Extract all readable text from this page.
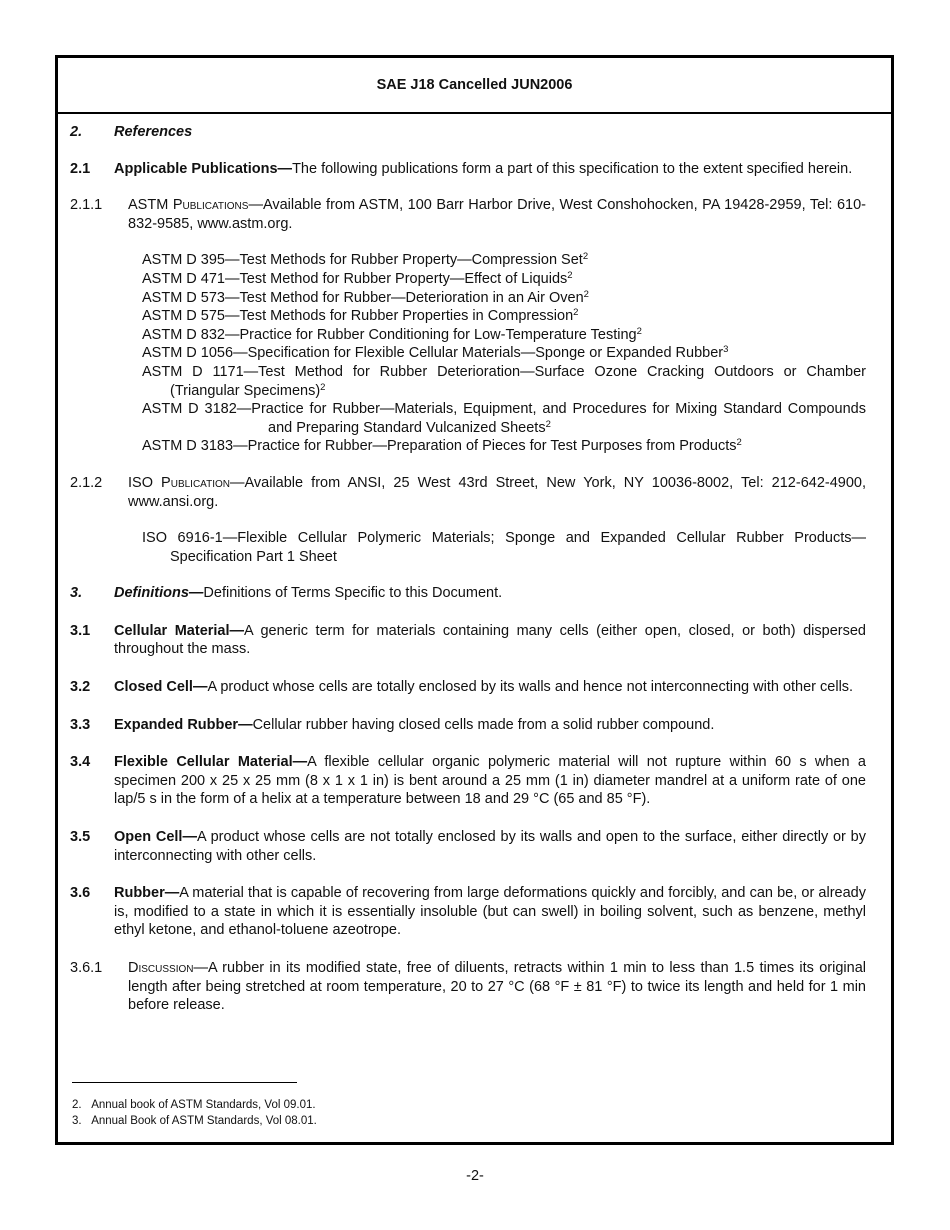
SAE J18 Cancelled JUN2006
2. References
2.1 Applicable Publications—The following publications form a part of this specification to the extent specified herein.
2.1.1 ASTM Publications—Available from ASTM, 100 Barr Harbor Drive, West Conshohocken, PA 19428-2959, Tel: 610-832-9585, www.astm.org.
ASTM D 395—Test Methods for Rubber Property—Compression Set$^2$
ASTM D 471—Test Method for Rubber Property—Effect of Liquids$^2$
ASTM D 573—Test Method for Rubber—Deterioration in an Air Oven$^2$
ASTM D 575—Test Methods for Rubber Properties in Compression$^2$
ASTM D 832—Practice for Rubber Conditioning for Low-Temperature Testing$^2$
ASTM D 1056—Specification for Flexible Cellular Materials—Sponge or Expanded Rubber$^3$
ASTM D 1171—Test Method for Rubber Deterioration—Surface Ozone Cracking Outdoors or Chamber (Triangular Specimens)$^2$
ASTM D 3182—Practice for Rubber—Materials, Equipment, and Procedures for Mixing Standard Compounds and Preparing Standard Vulcanized Sheets$^2$
ASTM D 3183—Practice for Rubber—Preparation of Pieces for Test Purposes from Products$^2$
2.1.2 ISO Publication—Available from ANSI, 25 West 43rd Street, New York, NY 10036-8002, Tel: 212-642-4900, www.ansi.org.
ISO 6916-1—Flexible Cellular Polymeric Materials; Sponge and Expanded Cellular Rubber Products—Specification Part 1 Sheet
3. Definitions—Definitions of Terms Specific to this Document.
3.1 Cellular Material—A generic term for materials containing many cells (either open, closed, or both) dispersed throughout the mass.
3.2 Closed Cell—A product whose cells are totally enclosed by its walls and hence not interconnecting with other cells.
3.3 Expanded Rubber—Cellular rubber having closed cells made from a solid rubber compound.
3.4 Flexible Cellular Material—A flexible cellular organic polymeric material will not rupture within 60 s when a specimen 200 x 25 x 25 mm (8 x 1 x 1 in) is bent around a 25 mm (1 in) diameter mandrel at a uniform rate of one lap/5 s in the form of a helix at a temperature between 18 and 29 °C (65 and 85 °F).
3.5 Open Cell—A product whose cells are not totally enclosed by its walls and open to the surface, either directly or by interconnecting with other cells.
3.6 Rubber—A material that is capable of recovering from large deformations quickly and forcibly, and can be, or already is, modified to a state in which it is essentially insoluble (but can swell) in boiling solvent, such as benzene, methyl ethyl ketone, and ethanol-toluene azeotrope.
3.6.1 Discussion—A rubber in its modified state, free of diluents, retracts within 1 min to less than 1.5 times its original length after being stretched at room temperature, 20 to 27 °C (68 °F ± 81 °F) to twice its length and held for 1 min before release.
2. Annual book of ASTM Standards, Vol 09.01.
3. Annual Book of ASTM Standards, Vol 08.01.
-2-
